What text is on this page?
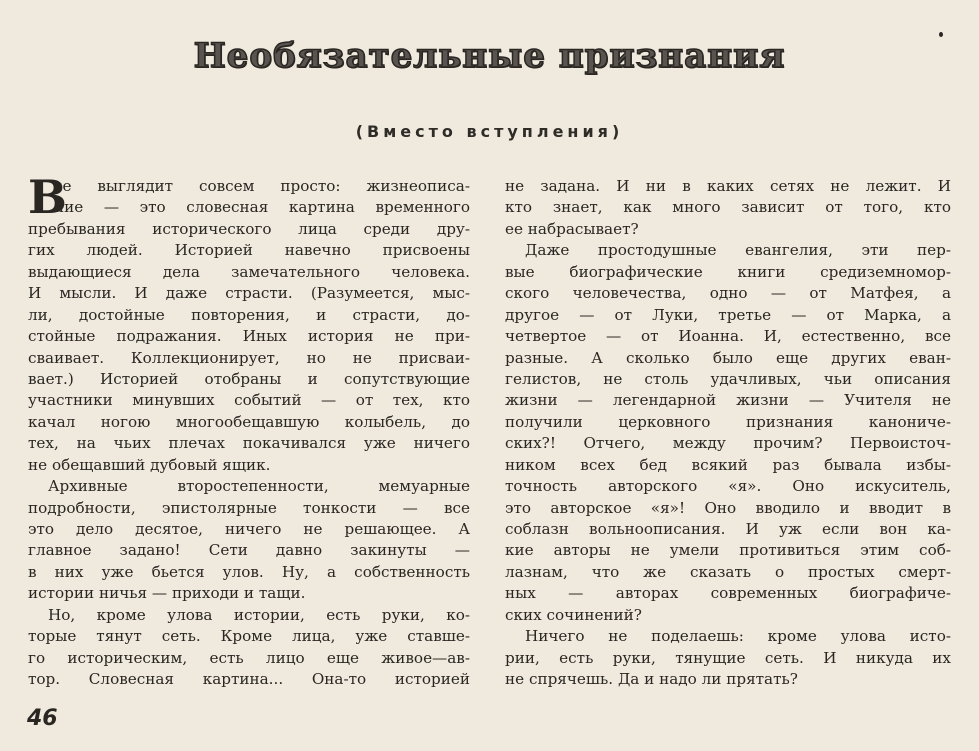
Необязательные признания
(Вместо вступления)
В
се выглядит совсем просто: жизнеописа-
ние — это словесная картина временного
пребывания исторического лица среди дру-
гих людей. Историей навечно присвоены
выдающиеся дела замечательного человека.
И мысли. И даже страсти. (Разумеется, мыс-
ли, достойные повторения, и страсти, до-
стойные подражания. Иных история не при-
сваивает. Коллекционирует, но не присваи-
вает.) Историей отобраны и сопутствующие
участники минувших событий — от тех, кто
качал ногою многообещавшую колыбель, до
тех, на чьих плечах покачивался уже ничего
не обещавший дубовый ящик.
Архивные второстепенности, мемуарные
подробности, эпистолярные тонкости — все
это дело десятое, ничего не решающее. А
главное задано! Сети давно закинуты —
в них уже бьется улов. Ну, а собственность
истории ничья — приходи и тащи.
Но, кроме улова истории, есть руки, ко-
торые тянут сеть. Кроме лица, уже ставше-
го историческим, есть лицо еще живое—ав-
тор. Словесная картина... Она-то историей
не задана. И ни в каких сетях не лежит. И
кто знает, как много зависит от того, кто
ее набрасывает?
Даже простодушные евангелия, эти пер-
вые биографические книги средиземномор-
ского человечества, одно — от Матфея, а
другое — от Луки, третье — от Марка, а
четвертое — от Иоанна. И, естественно, все
разные. А сколько было еще других еван-
гелистов, не столь удачливых, чьи описания
жизни — легендарной жизни — Учителя не
получили церковного признания канониче-
ских?! Отчего, между прочим? Первоисточ-
ником всех бед всякий раз бывала избы-
точность авторского «я». Оно искуситель,
это авторское «я»! Оно вводило и вводит в
соблазн вольноописания. И уж если вон ка-
кие авторы не умели противиться этим соб-
лазнам, что же сказать о простых смерт-
ных — авторах современных биографиче-
ских сочинений?
Ничего не поделаешь: кроме улова исто-
рии, есть руки, тянущие сеть. И никуда их
не спрячешь. Да и надо ли прятать?
46
